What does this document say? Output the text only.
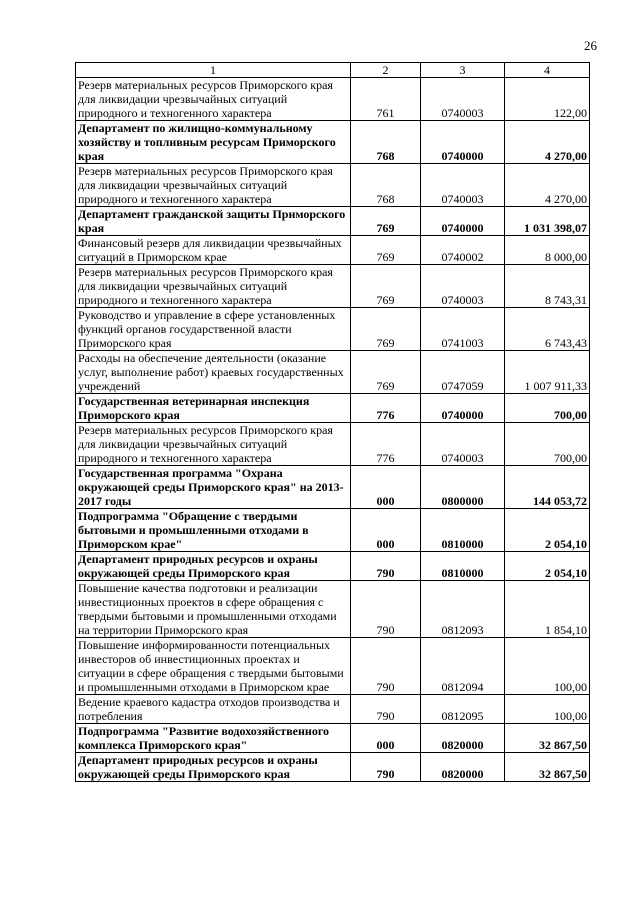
26
1	2	3	4
Резерв материальных ресурсов Приморского края для ликвидации чрезвычайных ситуаций природного и техногенного характера	761	0740003	122,00
Департамент по жилищно-коммунальному хозяйству и топливным ресурсам Приморского края	768	0740000	4 270,00
Резерв материальных ресурсов Приморского края для ликвидации чрезвычайных ситуаций природного и техногенного характера	768	0740003	4 270,00
Департамент гражданской защиты Приморского края	769	0740000	1 031 398,07
Финансовый резерв для ликвидации чрезвычайных ситуаций в Приморском крае	769	0740002	8 000,00
Резерв материальных ресурсов Приморского края для ликвидации чрезвычайных ситуаций природного и техногенного характера	769	0740003	8 743,31
Руководство и управление в сфере установленных функций органов государственной власти Приморского края	769	0741003	6 743,43
Расходы на обеспечение деятельности (оказание услуг, выполнение работ) краевых государственных учреждений	769	0747059	1 007 911,33
Государственная ветеринарная инспекция Приморского края	776	0740000	700,00
Резерв материальных ресурсов Приморского края для ликвидации чрезвычайных ситуаций природного и техногенного характера	776	0740003	700,00
Государственная программа "Охрана окружающей среды Приморского края" на 2013-2017 годы	000	0800000	144 053,72
Подпрограмма "Обращение с твердыми бытовыми и промышленными отходами в Приморском крае"	000	0810000	2 054,10
Департамент природных ресурсов и охраны окружающей среды Приморского края	790	0810000	2 054,10
Повышение качества подготовки и реализации инвестиционных проектов в сфере обращения с твердыми бытовыми и промышленными отходами на территории Приморского края	790	0812093	1 854,10
Повышение информированности потенциальных инвесторов об инвестиционных проектах и ситуации в сфере обращения с твердыми бытовыми и промышленными отходами в Приморском крае	790	0812094	100,00
Ведение краевого кадастра отходов производства и потребления	790	0812095	100,00
Подпрограмма "Развитие водохозяйственного комплекса Приморского края"	000	0820000	32 867,50
Департамент природных ресурсов и охраны окружающей среды Приморского края	790	0820000	32 867,50
